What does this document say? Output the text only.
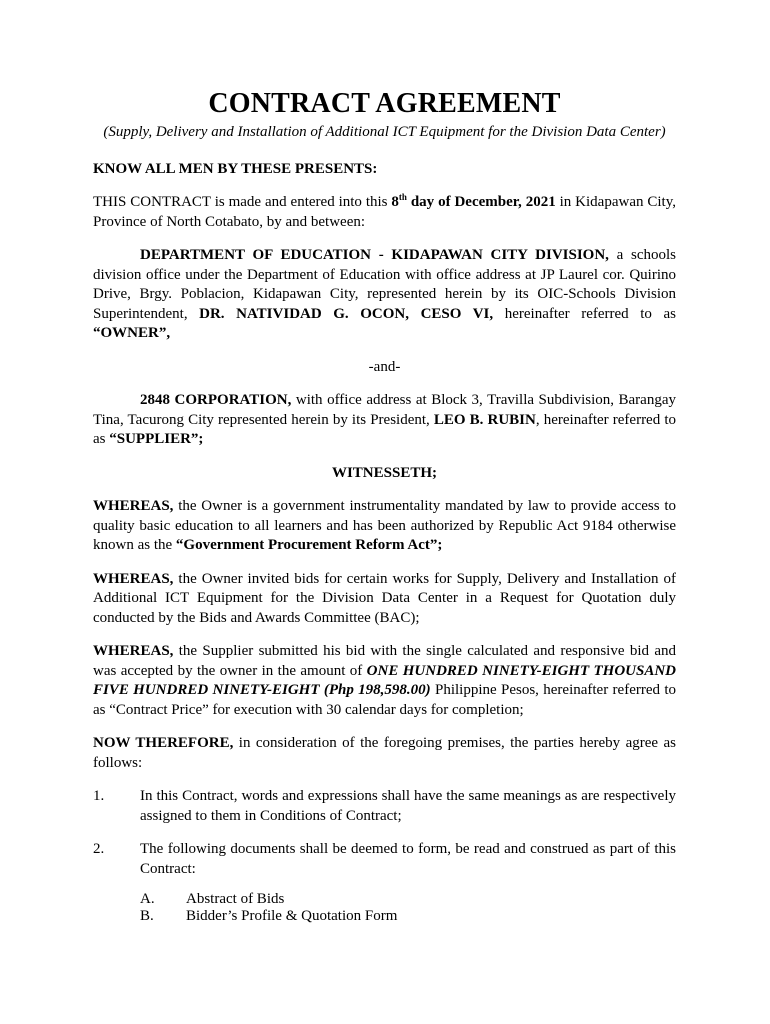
CONTRACT AGREEMENT

(Supply, Delivery and Installation of Additional ICT Equipment for the Division Data Center)

KNOW ALL MEN BY THESE PRESENTS:

THIS CONTRACT is made and entered into this 8th day of December, 2021 in Kidapawan City, Province of North Cotabato, by and between:

DEPARTMENT OF EDUCATION - KIDAPAWAN CITY DIVISION, a schools division office under the Department of Education with office address at JP Laurel cor. Quirino Drive, Brgy. Poblacion, Kidapawan City, represented herein by its OIC-Schools Division Superintendent, DR. NATIVIDAD G. OCON, CESO VI, hereinafter referred to as “OWNER”,

-and-

2848 CORPORATION, with office address at Block 3, Travilla Subdivision, Barangay Tina, Tacurong City represented herein by its President, LEO B. RUBIN, hereinafter referred to as “SUPPLIER”;

WITNESSETH;

WHEREAS, the Owner is a government instrumentality mandated by law to provide access to quality basic education to all learners and has been authorized by Republic Act 9184 otherwise known as the “Government Procurement Reform Act”;

WHEREAS, the Owner invited bids for certain works for Supply, Delivery and Installation of Additional ICT Equipment for the Division Data Center in a Request for Quotation duly conducted by the Bids and Awards Committee (BAC);

WHEREAS, the Supplier submitted his bid with the single calculated and responsive bid and was accepted by the owner in the amount of ONE HUNDRED NINETY-EIGHT THOUSAND FIVE HUNDRED NINETY-EIGHT (Php 198,598.00) Philippine Pesos, hereinafter referred to as “Contract Price” for execution with 30 calendar days for completion;

NOW THEREFORE, in consideration of the foregoing premises, the parties hereby agree as follows:

1.	In this Contract, words and expressions shall have the same meanings as are respectively assigned to them in Conditions of Contract;
2.	The following documents shall be deemed to form, be read and construed as part of this Contract:
A.	Abstract of Bids
B.	Bidder’s Profile & Quotation Form
